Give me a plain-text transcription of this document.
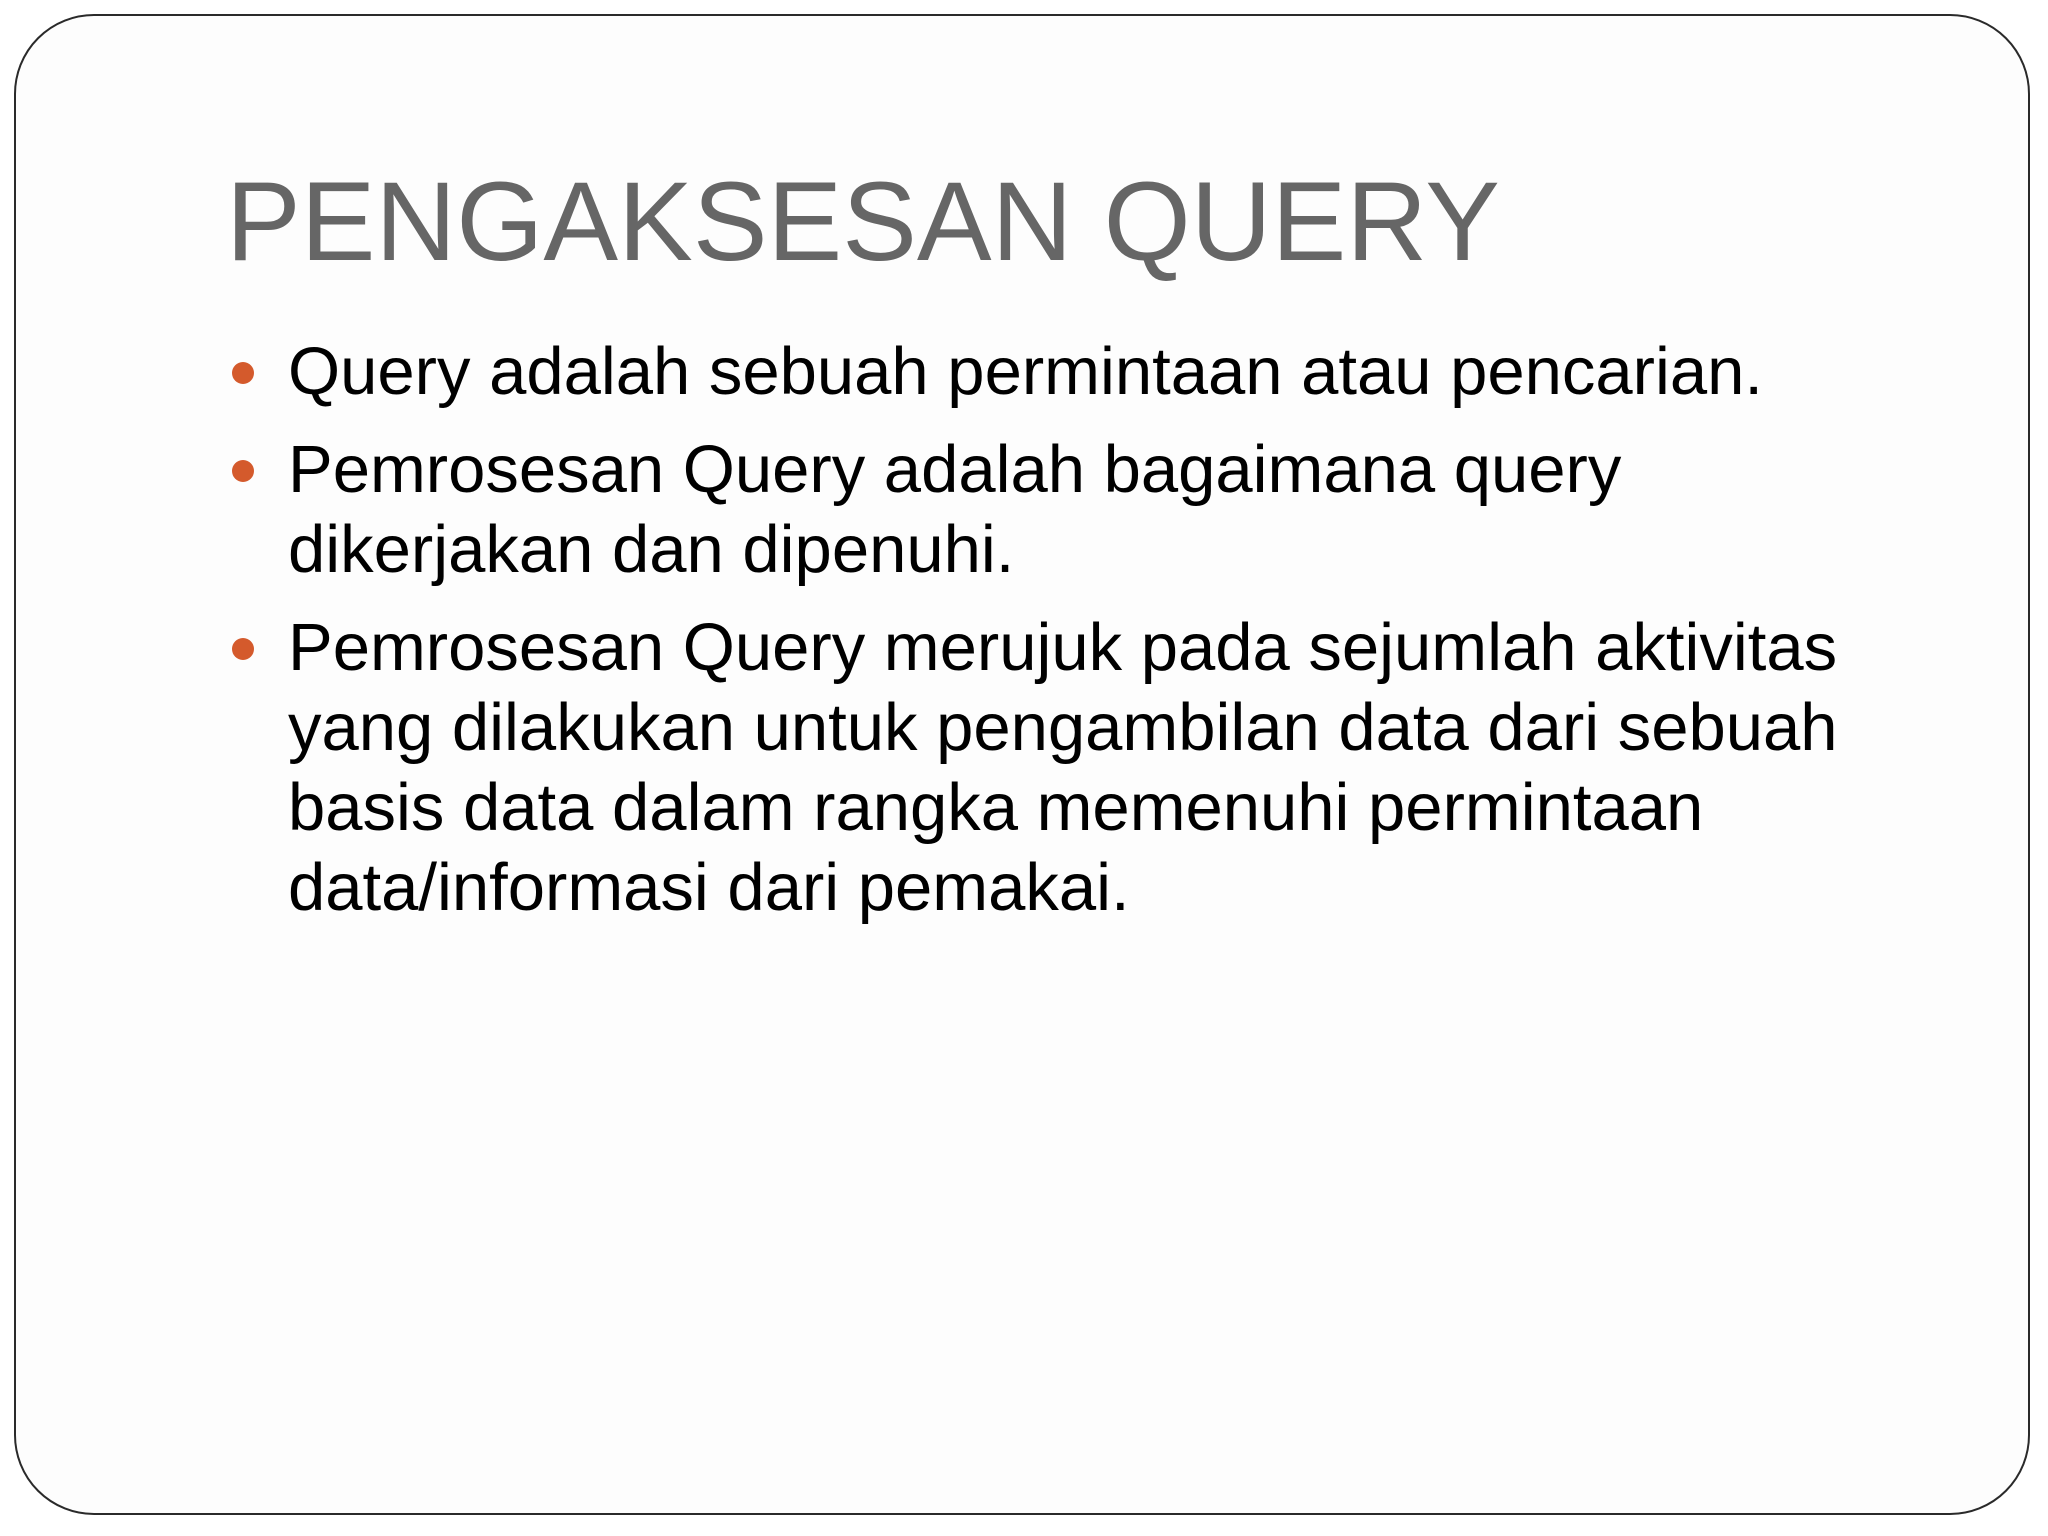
PENGAKSESAN QUERY
Query adalah sebuah permintaan atau pencarian.
Pemrosesan Query adalah bagaimana query dikerjakan dan dipenuhi.
Pemrosesan Query merujuk pada sejumlah aktivitas yang dilakukan untuk pengambilan data dari sebuah basis data dalam rangka memenuhi permintaan data/informasi dari pemakai.
